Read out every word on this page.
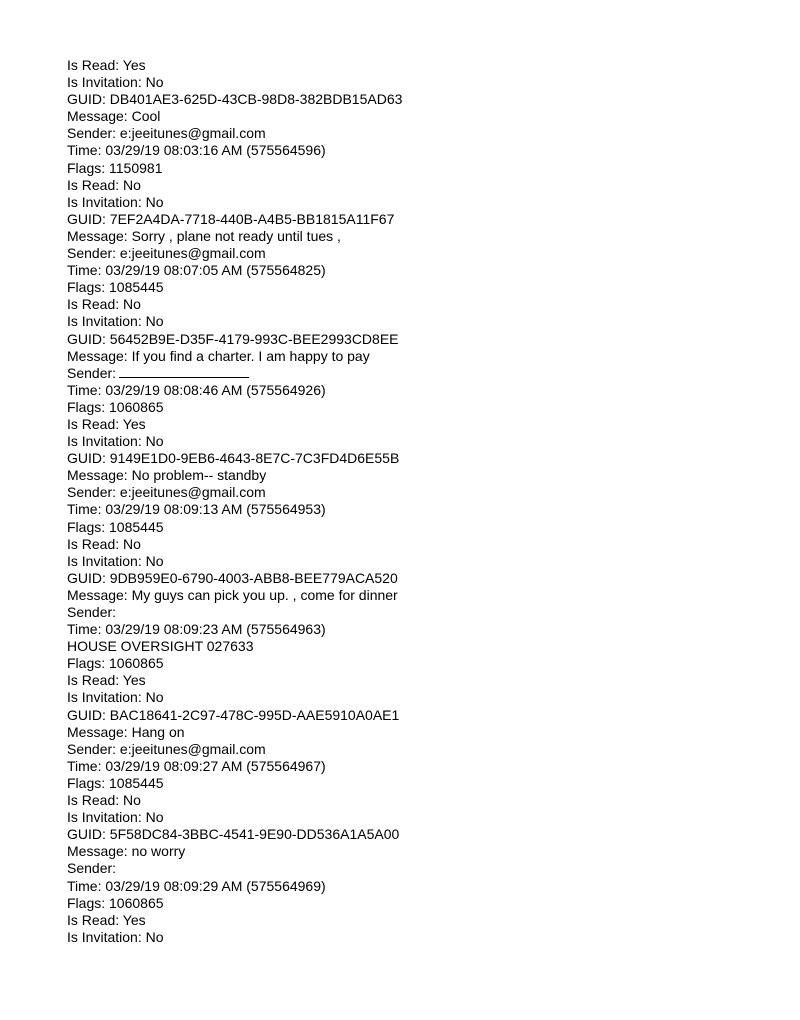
Is Read: Yes
Is Invitation: No
GUID: DB401AE3-625D-43CB-98D8-382BDB15AD63
Message: Cool
Sender: e:jeeitunes@gmail.com
Time: 03/29/19 08:03:16 AM (575564596)
Flags: 1150981
Is Read: No
Is Invitation: No
GUID: 7EF2A4DA-7718-440B-A4B5-BB1815A11F67
Message: Sorry , plane not ready until tues ,
Sender: e:jeeitunes@gmail.com
Time: 03/29/19 08:07:05 AM (575564825)
Flags: 1085445
Is Read: No
Is Invitation: No
GUID: 56452B9E-D35F-4179-993C-BEE2993CD8EE
Message: If you find a charter. I am happy to pay
Sender:
Time: 03/29/19 08:08:46 AM (575564926)
Flags: 1060865
Is Read: Yes
Is Invitation: No
GUID: 9149E1D0-9EB6-4643-8E7C-7C3FD4D6E55B
Message: No problem-- standby
Sender: e:jeeitunes@gmail.com
Time: 03/29/19 08:09:13 AM (575564953)
Flags: 1085445
Is Read: No
Is Invitation: No
GUID: 9DB959E0-6790-4003-ABB8-BEE779ACA520
Message: My guys can pick you up. , come for dinner
Sender:
Time: 03/29/19 08:09:23 AM (575564963)
HOUSE OVERSIGHT 027633
Flags: 1060865
Is Read: Yes
Is Invitation: No
GUID: BAC18641-2C97-478C-995D-AAE5910A0AE1
Message: Hang on
Sender: e:jeeitunes@gmail.com
Time: 03/29/19 08:09:27 AM (575564967)
Flags: 1085445
Is Read: No
Is Invitation: No
GUID: 5F58DC84-3BBC-4541-9E90-DD536A1A5A00
Message: no worry
Sender:
Time: 03/29/19 08:09:29 AM (575564969)
Flags: 1060865
Is Read: Yes
Is Invitation: No
